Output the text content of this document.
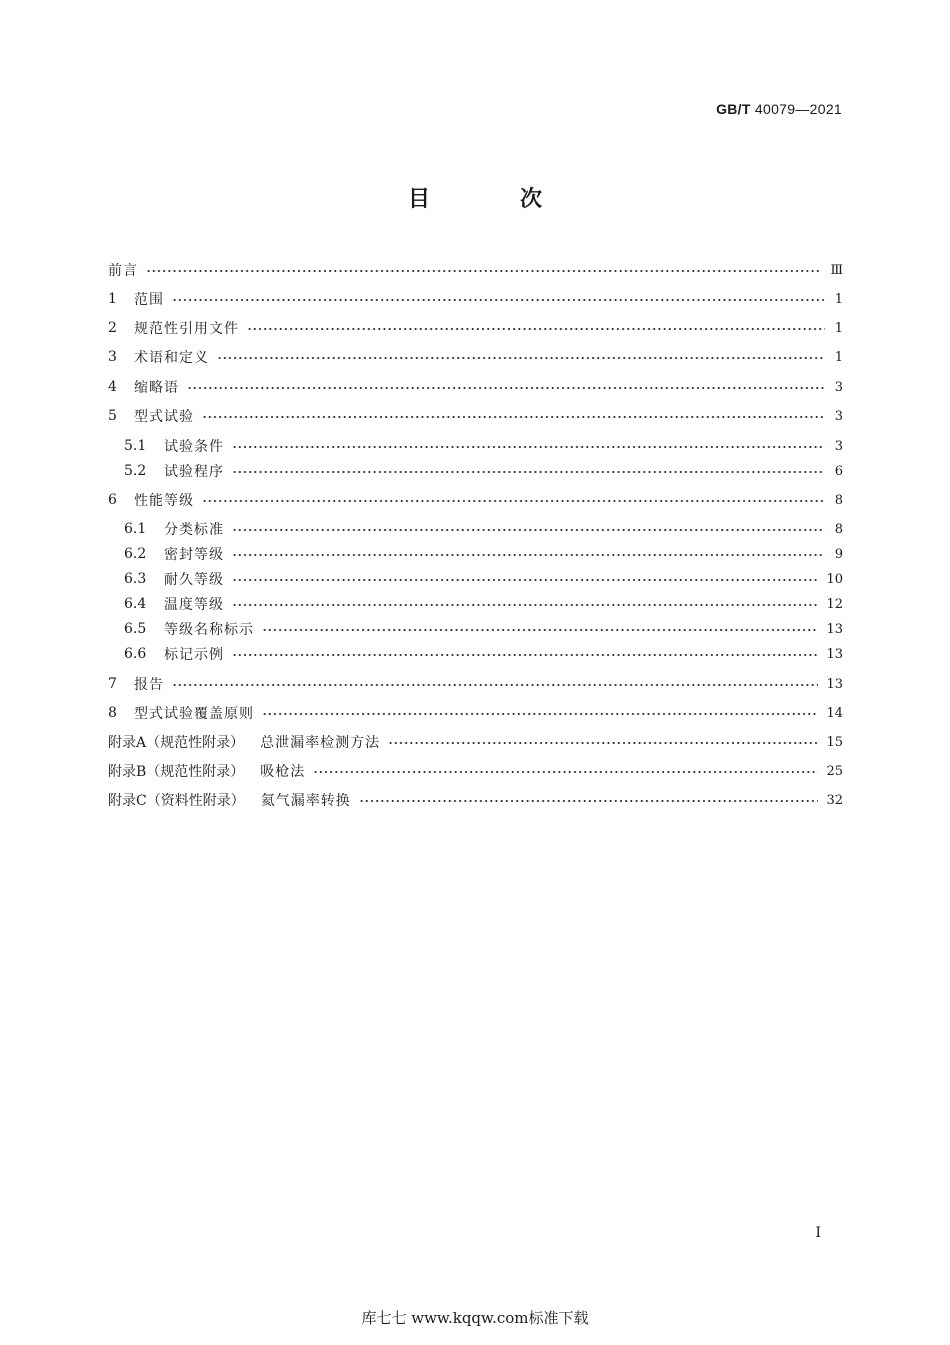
GB/T 40079—2021
目　次
前言	Ⅲ
1	范围	1
2	规范性引用文件	1
3	术语和定义	1
4	缩略语	3
5	型式试验	3
5.1	试验条件	3
5.2	试验程序	6
6	性能等级	8
6.1	分类标准	8
6.2	密封等级	9
6.3	耐久等级	10
6.4	温度等级	12
6.5	等级名称标示	13
6.6	标记示例	13
7	报告	13
8	型式试验覆盖原则	14
附录A（规范性附录） 总泄漏率检测方法	15
附录B（规范性附录） 吸枪法	25
附录C（资料性附录） 氦气漏率转换	32
I
库七七 www.kqqw.com标准下载
